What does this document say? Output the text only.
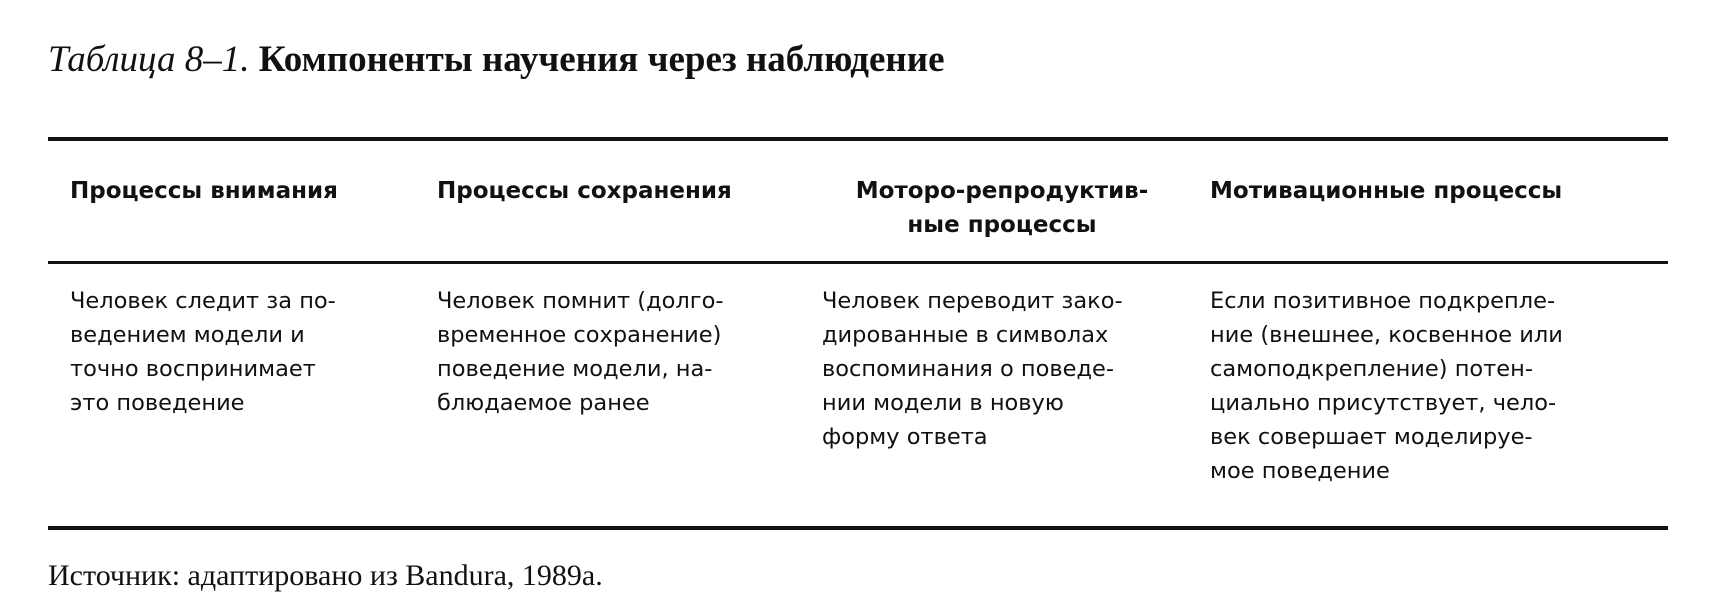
Таблица 8–1. Компоненты научения через наблюдение
Процессы внимания	Процессы сохранения	Моторо-репродуктив-
ные процессы
Мотивационные процессы
Человек следит за по-
ведением модели и
точно воспринимает
это поведение
Человек помнит (долго-
временное сохранение)
поведение модели, на-
блюдаемое ранее
Человек переводит зако-
дированные в символах
воспоминания о поведе-
нии модели в новую
форму ответа
Если позитивное подкрепле-
ние (внешнее, косвенное или
самоподкрепление) потен-
циально присутствует, чело-
век совершает моделируе-
мое поведение
Источник: адаптировано из Bandura, 1989а.
